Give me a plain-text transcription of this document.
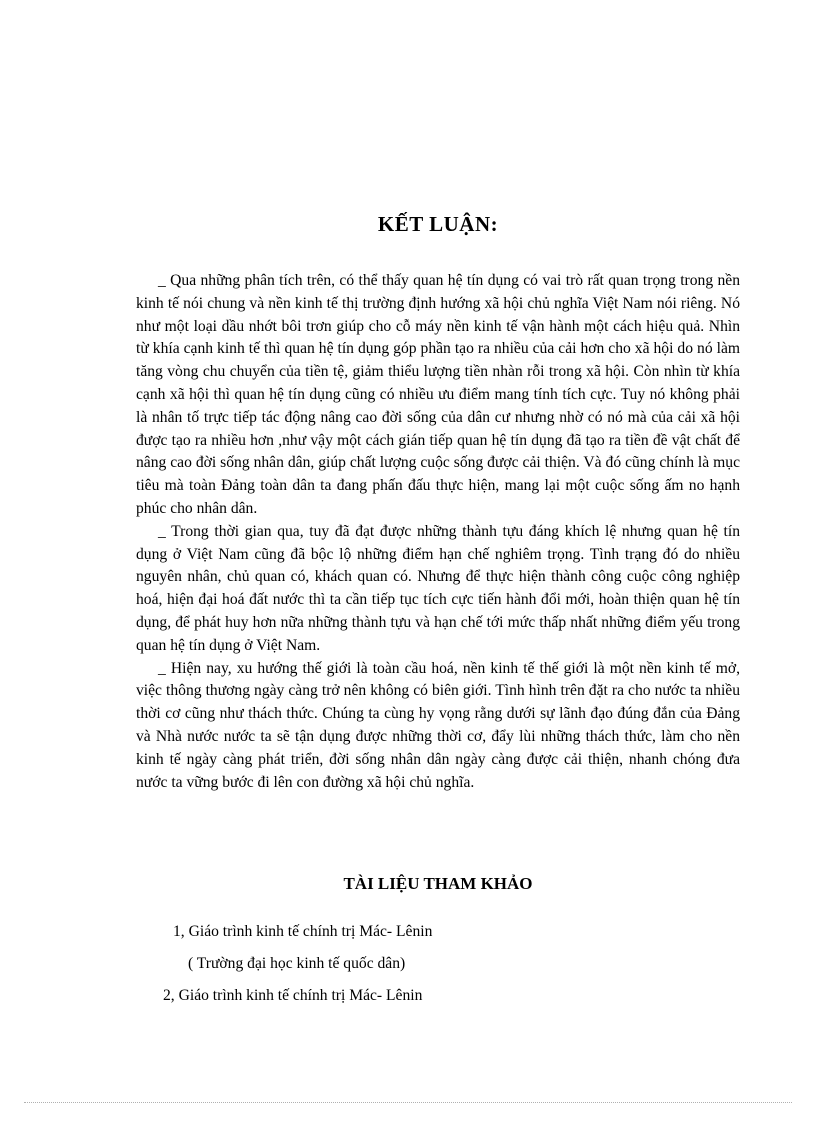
KẾT LUẬN:

_ Qua những phân tích trên, có thể thấy quan hệ tín dụng có vai trò rất quan trọng trong nền kinh tế nói chung và nền kinh tế thị trường định hướng xã hội chủ nghĩa Việt Nam nói riêng. Nó như một loại dầu nhớt bôi trơn giúp cho cỗ máy nền kinh tế vận hành một cách hiệu quả. Nhìn từ khía cạnh kinh tế thì quan hệ tín dụng góp phần tạo ra nhiều của cải hơn cho xã hội do nó làm tăng vòng chu chuyển của tiền tệ, giảm thiểu lượng tiền nhàn rỗi trong xã hội. Còn nhìn từ khía cạnh xã hội thì quan hệ tín dụng cũng có nhiều ưu điểm mang tính tích cực. Tuy nó không phải là nhân tố trực tiếp tác động nâng cao đời sống của dân cư nhưng nhờ có nó mà của cải xã hội được tạo ra nhiều hơn ,như vậy một cách gián tiếp quan hệ tín dụng đã tạo ra tiền đề vật chất để nâng cao đời sống nhân dân, giúp chất lượng cuộc sống được cải thiện. Và đó cũng chính là mục tiêu mà toàn Đảng toàn dân ta đang phấn đấu thực hiện, mang lại một cuộc sống ấm no hạnh phúc cho nhân dân.

_ Trong thời gian qua, tuy đã đạt được những thành tựu đáng khích lệ nhưng quan hệ tín dụng ở Việt Nam cũng đã bộc lộ những điểm hạn chế nghiêm trọng. Tình trạng đó do nhiều nguyên nhân, chủ quan có, khách quan có. Nhưng để thực hiện thành công cuộc công nghiệp hoá, hiện đại hoá đất nước thì ta cần tiếp tục tích cực tiến hành đổi mới, hoàn thiện quan hệ tín dụng, để phát huy hơn nữa những thành tựu và hạn chế tới mức thấp nhất những điểm yếu trong quan hệ tín dụng ở Việt Nam.

_ Hiện nay, xu hướng thế giới là toàn cầu hoá, nền kinh tế thế giới là một nền kinh tế mở, việc thông thương ngày càng trở nên không có biên giới. Tình hình trên đặt ra cho nước ta nhiều thời cơ cũng như thách thức. Chúng ta cùng hy vọng rằng dưới sự lãnh đạo đúng đắn của Đảng và Nhà nước nước ta sẽ tận dụng được những thời cơ, đẩy lùi những thách thức, làm cho nền kinh tế ngày càng phát triển, đời sống nhân dân ngày càng được cải thiện, nhanh chóng đưa nước ta vững bước đi lên con đường xã hội chủ nghĩa.

TÀI LIỆU THAM KHẢO

1, Giáo trình kinh tế chính trị Mác- Lênin

( Trường đại học kinh tế quốc dân)

2, Giáo trình kinh tế chính trị Mác- Lênin
